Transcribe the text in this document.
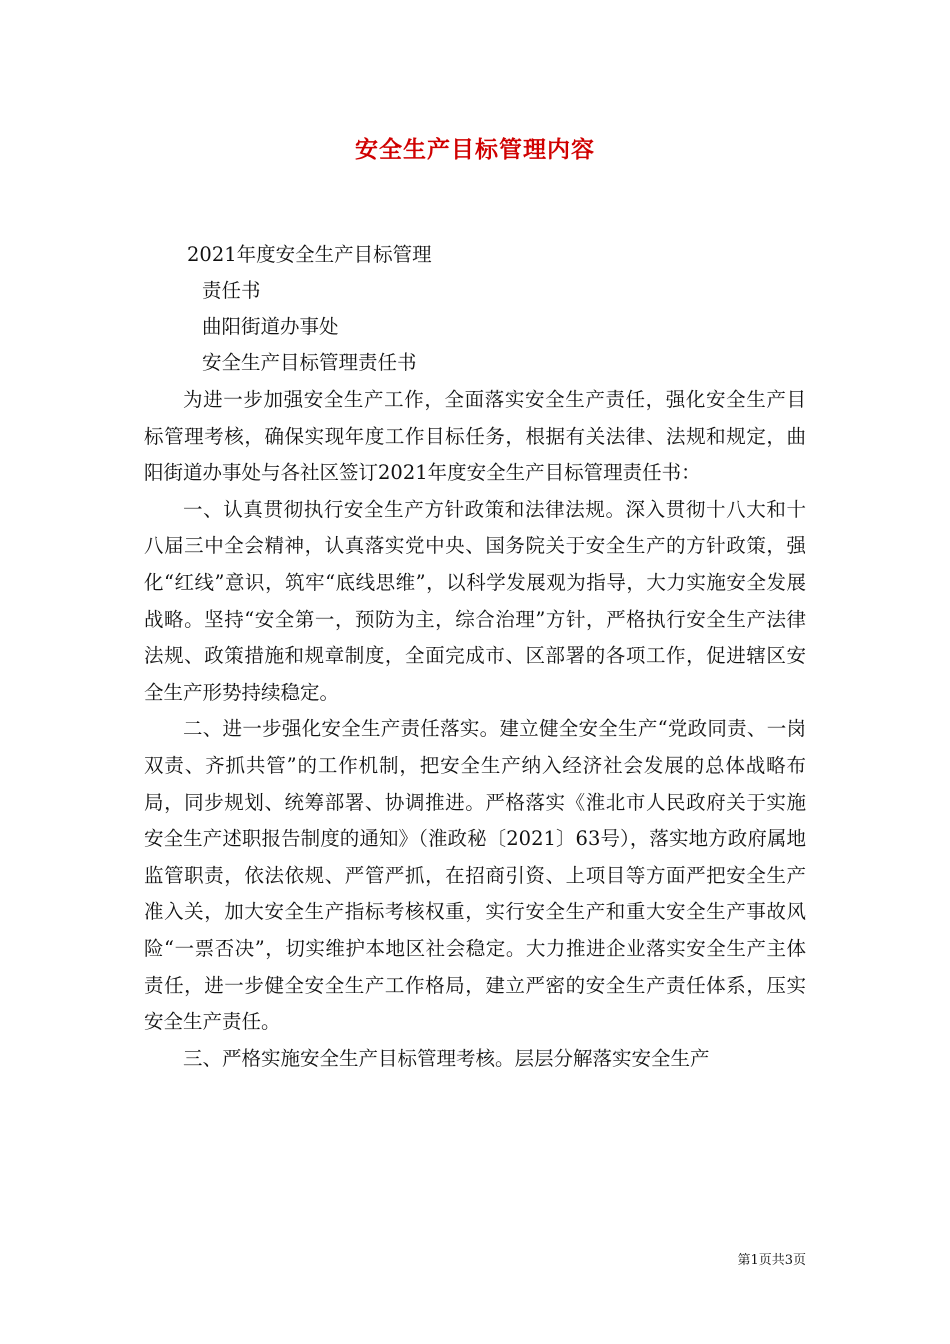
安全生产目标管理内容
2021年度安全生产目标管理
责任书
曲阳街道办事处
安全生产目标管理责任书

为进一步加强安全生产工作，全面落实安全生产责任，强化安全生产目标管理考核，确保实现年度工作目标任务，根据有关法律、法规和规定，曲阳街道办事处与各社区签订2021年度安全生产目标管理责任书：

一、认真贯彻执行安全生产方针政策和法律法规。深入贯彻十八大和十八届三中全会精神，认真落实党中央、国务院关于安全生产的方针政策，强化“红线”意识，筑牢“底线思维”，以科学发展观为指导，大力实施安全发展战略。坚持“安全第一，预防为主，综合治理”方针，严格执行安全生产法律法规、政策措施和规章制度，全面完成市、区部署的各项工作，促进辖区安全生产形势持续稳定。

二、进一步强化安全生产责任落实。建立健全安全生产“党政同责、一岗双责、齐抓共管”的工作机制，把安全生产纳入经济社会发展的总体战略布局，同步规划、统筹部署、协调推进。严格落实《淮北市人民政府关于实施安全生产述职报告制度的通知》（淮政秘〔2021〕63号），落实地方政府属地监管职责，依法依规、严管严抓，在招商引资、上项目等方面严把安全生产准入关，加大安全生产指标考核权重，实行安全生产和重大安全生产事故风险“一票否决”，切实维护本地区社会稳定。大力推进企业落实安全生产主体责任，进一步健全安全生产工作格局，建立严密的安全生产责任体系，压实安全生产责任。

三、严格实施安全生产目标管理考核。层层分解落实安全生产

第1页共3页
